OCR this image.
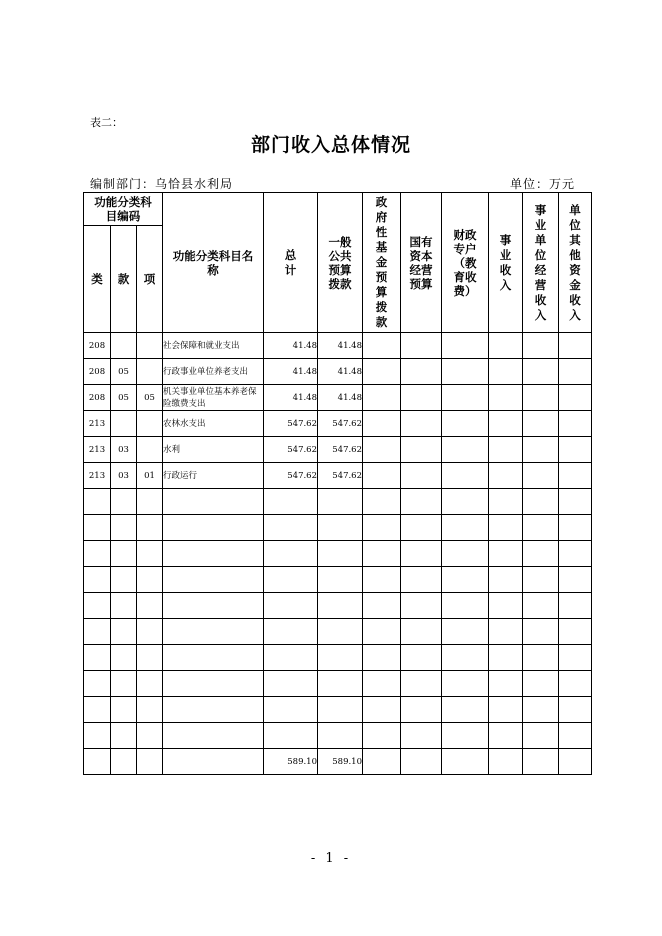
表二：
部门收入总体情况
编制部门：乌恰县水利局	单位：万元
功能分类科目编码			功能分类科目名称	总计	一般公共预算拨款	政府性基金预算拨款	国有资本经营预算	财政专户（教育收费）	事业收入	事业单位经营收入	单位其他资金收入

类	款	项									
208			社会保障和就业支出	41.48	41.48						
208	05		行政事业单位养老支出	41.48	41.48						
208	05	05	机关事业单位基本养老保险缴费支出	41.48	41.48						
213			农林水支出	547.62	547.62						
213	03		水利	547.62	547.62						
213	03	01	行政运行	547.62	547.62						

				589.10	589.10						
- 1 -
